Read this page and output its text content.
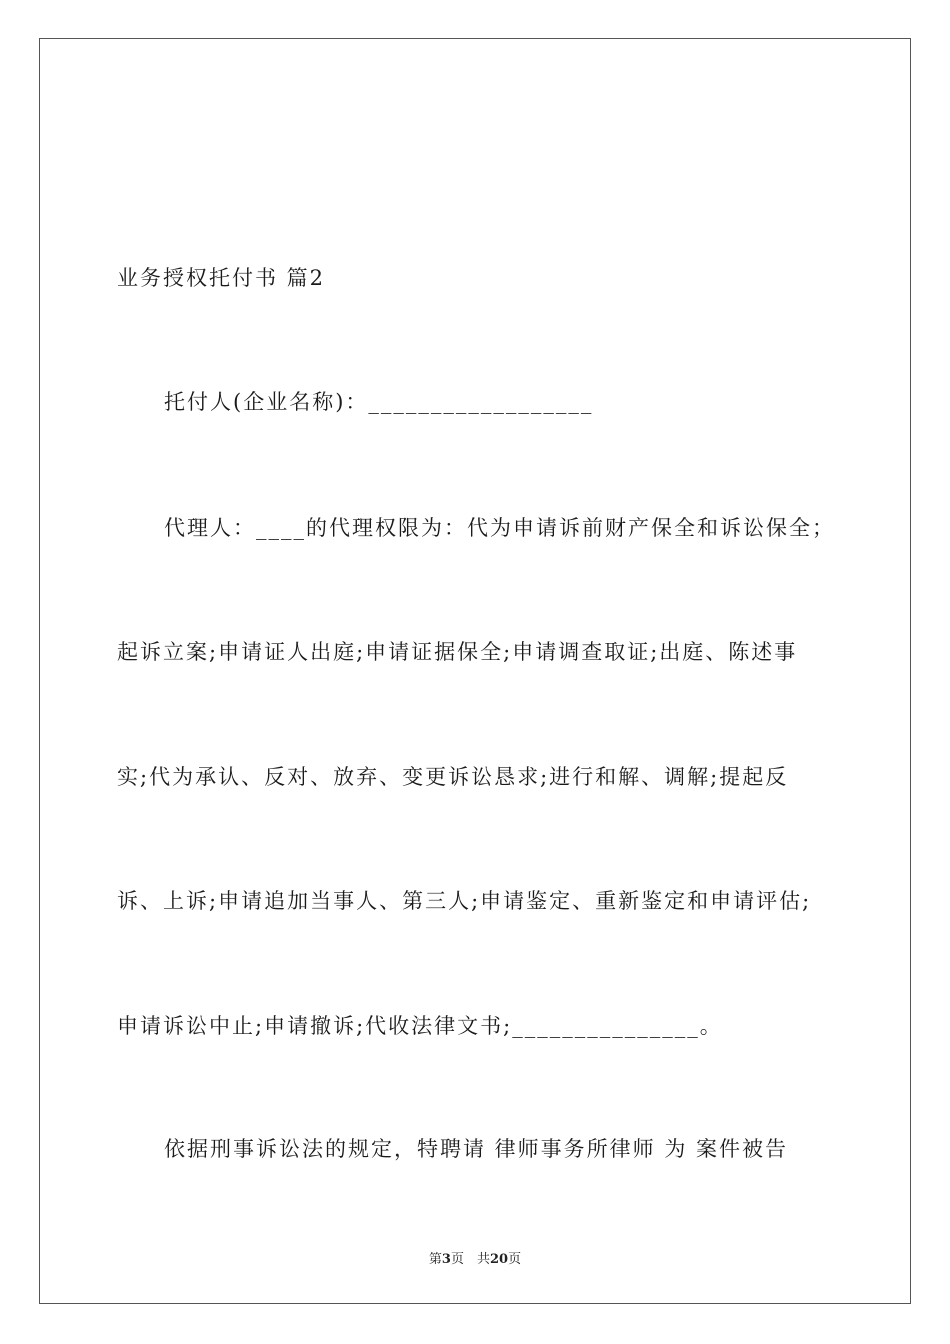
业务授权托付书 篇2
托付人(企业名称)：__________________
代理人：____的代理权限为：代为申请诉前财产保全和诉讼保全；
起诉立案;申请证人出庭;申请证据保全;申请调查取证;出庭、陈述事
实;代为承认、反对、放弃、变更诉讼恳求;进行和解、调解;提起反
诉、上诉;申请追加当事人、第三人;申请鉴定、重新鉴定和申请评估;
申请诉讼中止;申请撤诉;代收法律文书;_______________。
依据刑事诉讼法的规定，特聘请 律师事务所律师 为 案件被告
第3页　共20页
